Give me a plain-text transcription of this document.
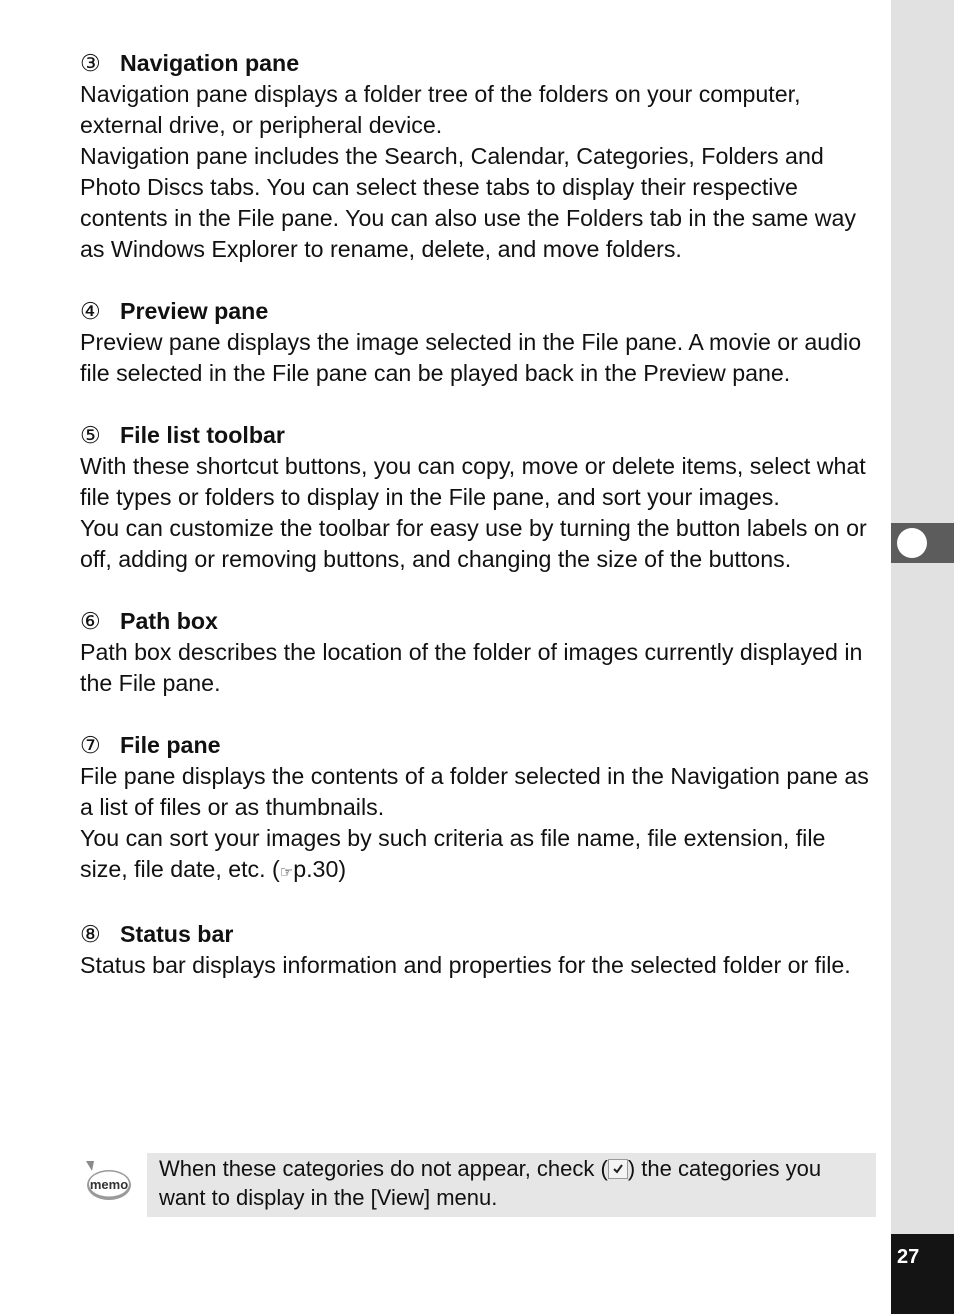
27

③ Navigation pane

Navigation pane displays a folder tree of the folders on your computer, external drive, or peripheral device.

Navigation pane includes the Search, Calendar, Categories, Folders and Photo Discs tabs. You can select these tabs to display their respective contents in the File pane. You can also use the Folders tab in the same way as Windows Explorer to rename, delete, and move folders.

④ Preview pane

Preview pane displays the image selected in the File pane. A movie or audio file selected in the File pane can be played back in the Preview pane.

⑤ File list toolbar

With these shortcut buttons, you can copy, move or delete items, select what file types or folders to display in the File pane, and sort your images.

You can customize the toolbar for easy use by turning the button labels on or off, adding or removing buttons, and changing the size of the buttons.

⑥ Path box

Path box describes the location of the folder of images currently displayed in the File pane.

⑦ File pane

File pane displays the contents of a folder selected in the Navigation pane as a list of files or as thumbnails.

You can sort your images by such criteria as file name, file extension, file size, file date, etc. (☞p.30)

⑧ Status bar

Status bar displays information and properties for the selected folder or file.

memo
When these categories do not appear, check ( ) the categories you want to display in the [View] menu.
